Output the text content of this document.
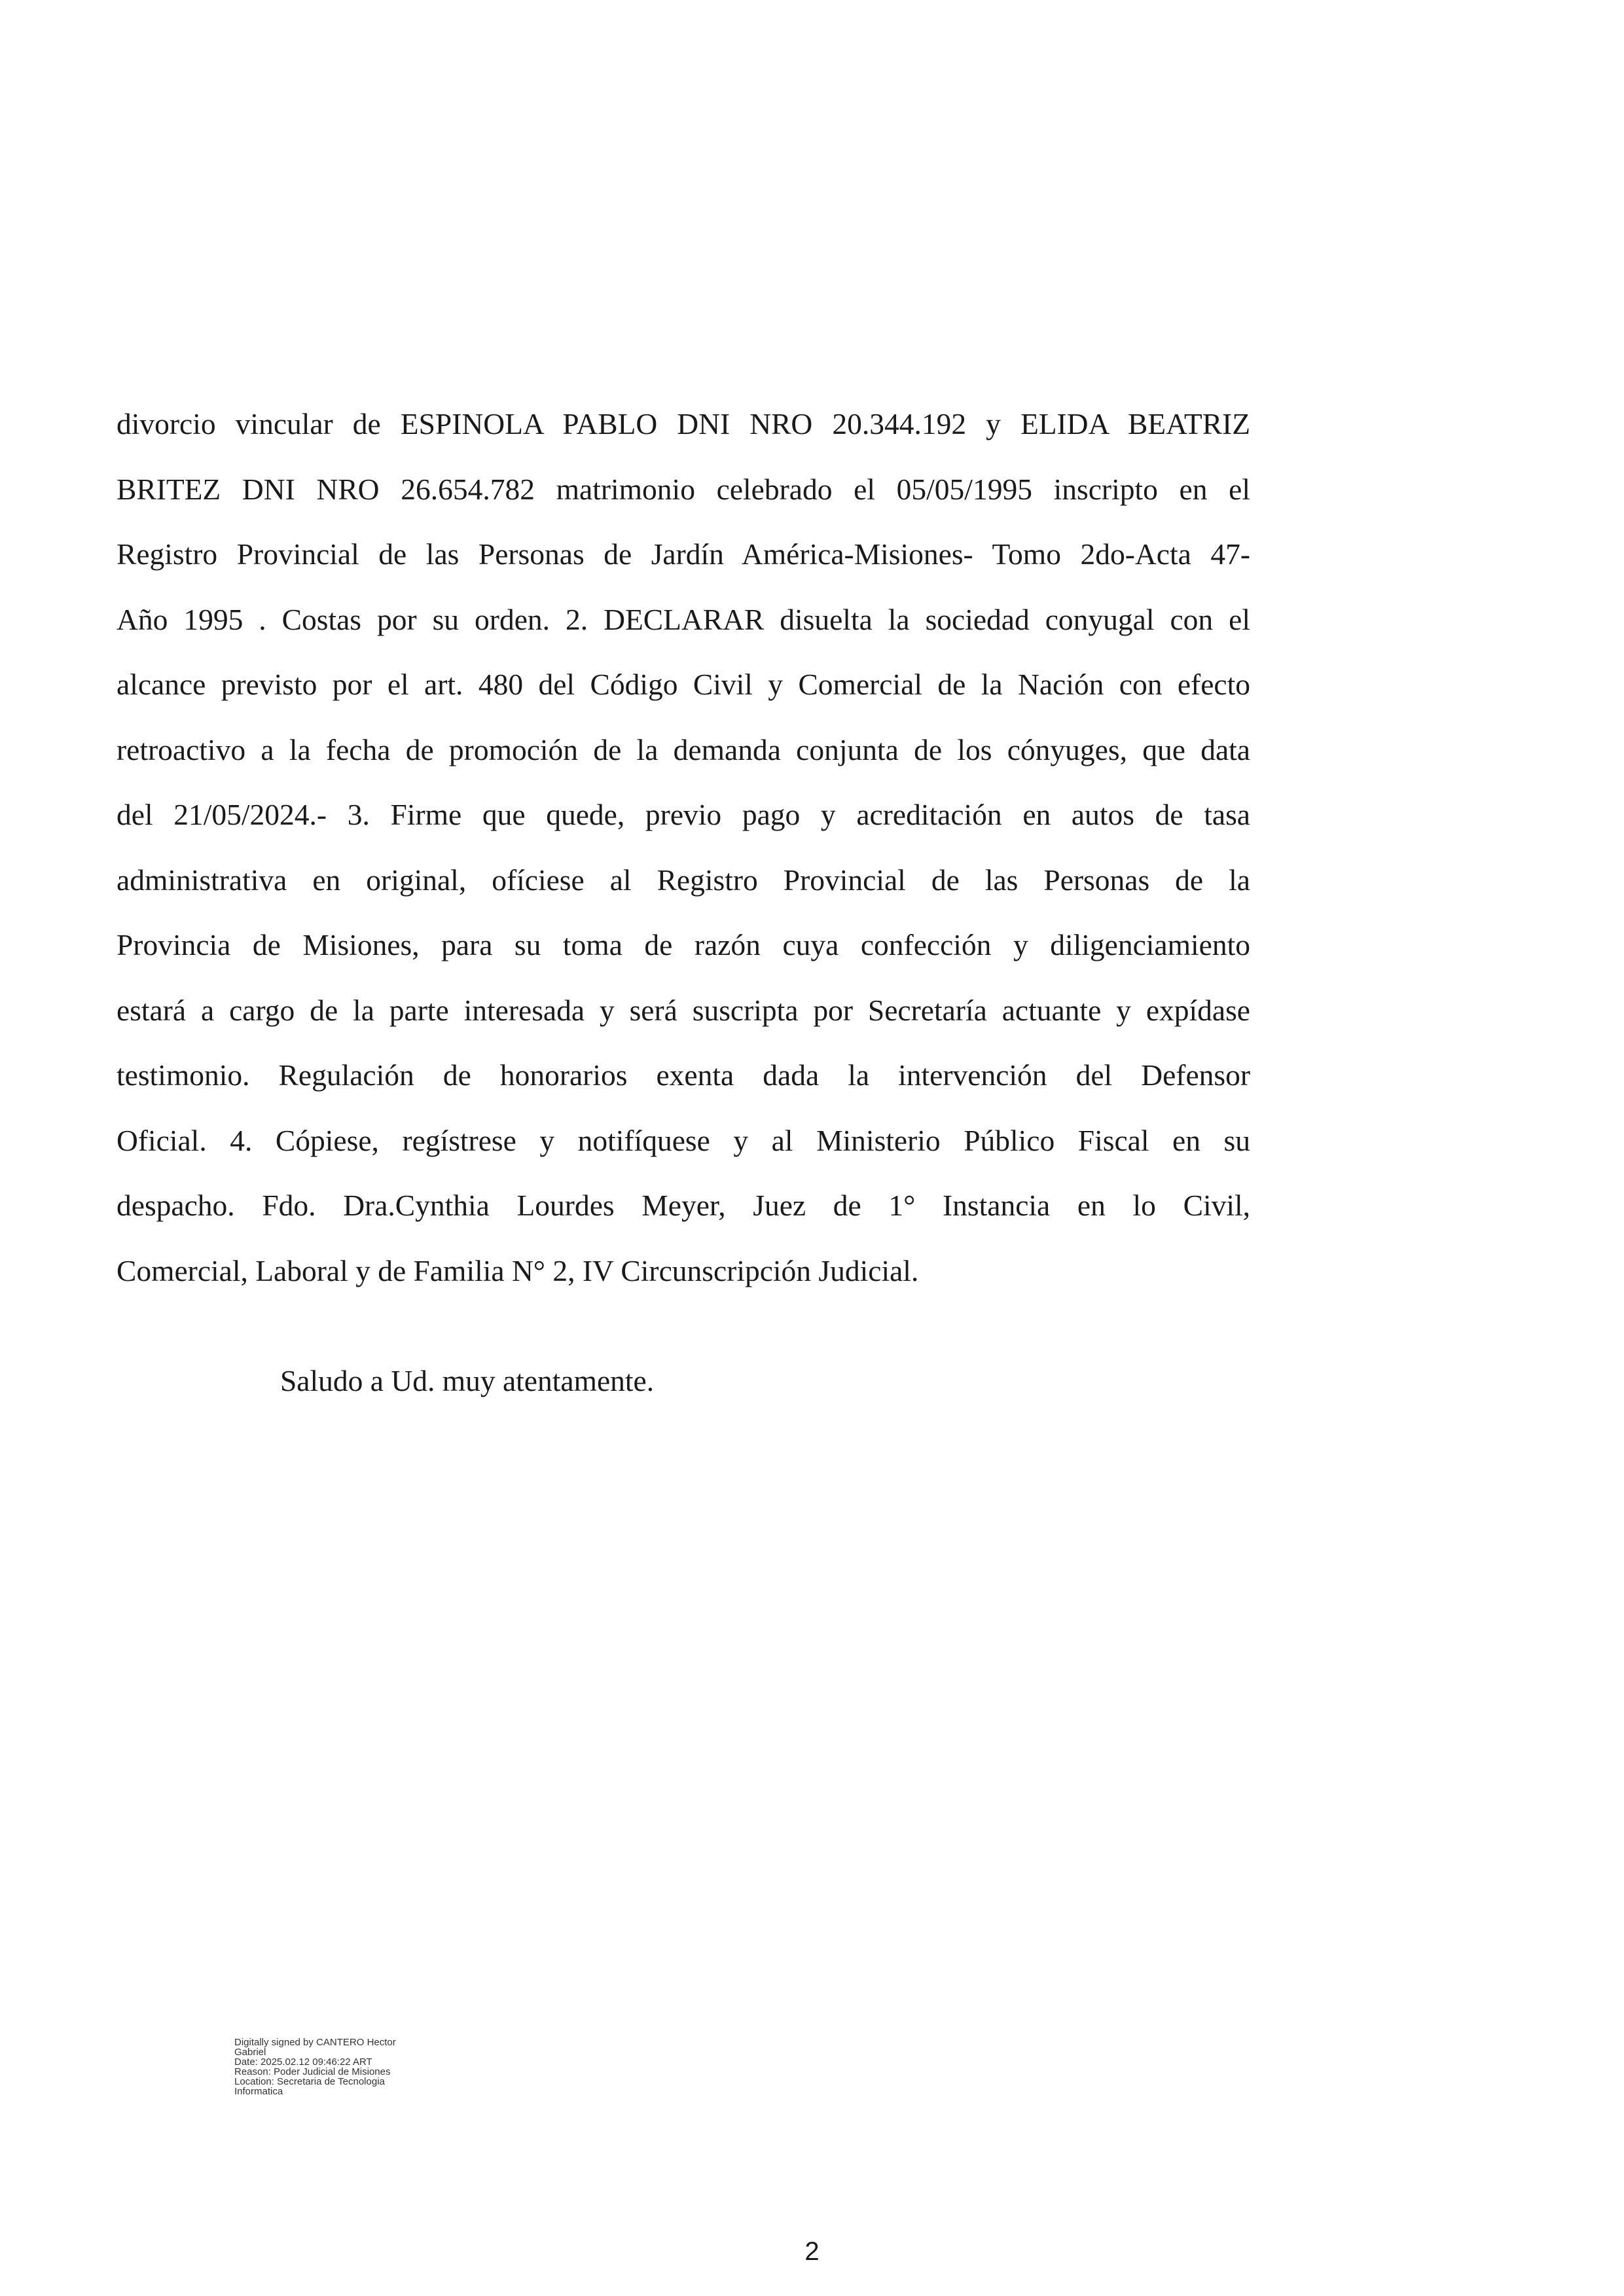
divorcio vincular de ESPINOLA PABLO DNI NRO 20.344.192 y ELIDA BEATRIZ
BRITEZ DNI NRO 26.654.782 matrimonio celebrado el 05/05/1995 inscripto en el
Registro Provincial de las Personas de Jardín América-Misiones- Tomo 2do-Acta 47-
Año 1995 . Costas por su orden. 2. DECLARAR disuelta la sociedad conyugal con el
alcance previsto por el art. 480 del Código Civil y Comercial de la Nación con efecto
retroactivo a la fecha de promoción de la demanda conjunta de los cónyuges, que data
del 21/05/2024.- 3. Firme que quede, previo pago y acreditación en autos de tasa
administrativa en original, ofíciese al Registro Provincial de las Personas de la
Provincia de Misiones, para su toma de razón cuya confección y diligenciamiento
estará a cargo de la parte interesada y será suscripta por Secretaría actuante y expídase
testimonio. Regulación de honorarios exenta dada la intervención del Defensor
Oficial. 4. Cópiese, regístrese y notifíquese y al Ministerio Público Fiscal en su
despacho. Fdo. Dra.Cynthia Lourdes Meyer, Juez de 1° Instancia en lo Civil,
Comercial, Laboral y de Familia N° 2, IV Circunscripción Judicial.

Saludo a Ud. muy atentamente.

Digitally signed by CANTERO Hector
Gabriel
Date: 2025.02.12 09:46:22 ART
Reason: Poder Judicial de Misiones
Location: Secretaria de Tecnologia
Informatica
2
